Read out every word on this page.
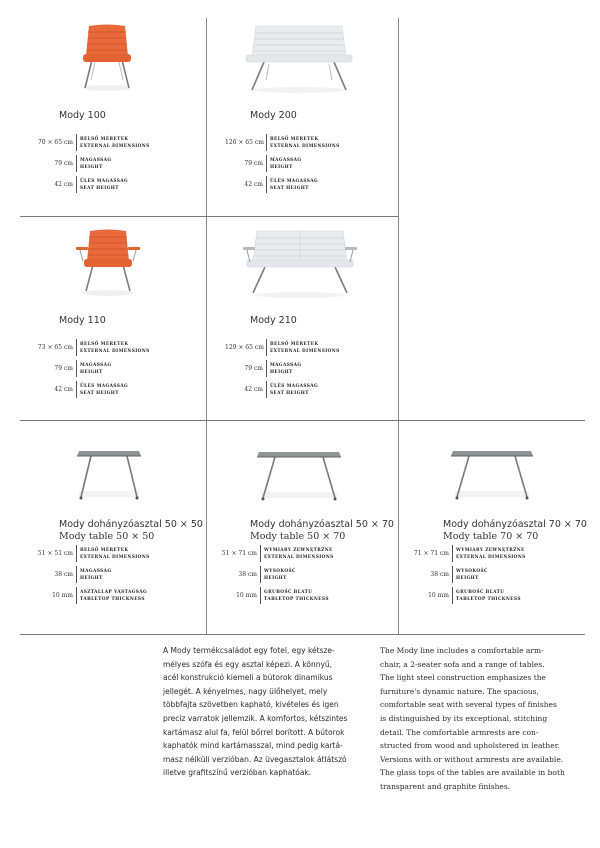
Mody 100
70 × 65 cm	BELSŐ MÉRETEK
EXTERNAL DIMENSIONS
79 cm	MAGASSÁG
HEIGHT
42 cm	ÜLÉS MAGASSÁG
SEAT HEIGHT
Mody 200
126 × 65 cm	BELSŐ MÉRETEK
EXTERNAL DIMENSIONS
79 cm	MAGASSÁG
HEIGHT
42 cm	ÜLÉS MAGASSÁG
SEAT HEIGHT
Mody 110
73 × 65 cm	BELSŐ MÉRETEK
EXTERNAL DIMENSIONS
79 cm	MAGASSÁG
HEIGHT
42 cm	ÜLÉS MAGASSÁG
SEAT HEIGHT
Mody 210
129 × 65 cm	BELSŐ MÉRETEK
EXTERNAL DIMENSIONS
79 cm	MAGASSÁG
HEIGHT
42 cm	ÜLÉS MAGASSÁG
SEAT HEIGHT
Mody dohányzóasztal 50 × 50
Mody table 50 × 50
51 × 51 cm	BELSŐ MÉRETEK
EXTERNAL DIMENSIONS
38 cm	MAGASSÁG
HEIGHT
10 mm	ASZTALLAP VASTAGSÁG
TABLETOP THICKNESS
Mody dohányzóasztal 50 × 70
Mody table 50 × 70
51 × 71 cm	WYMIARY ZEWNĘTRZNE
EXTERNAL DIMENSIONS
38 cm	WYSOKOŚĆ
HEIGHT
10 mm	GRUBOŚĆ BLATU
TABLETOP THICKNESS
Mody dohányzóasztal 70 × 70
Mody table 70 × 70
71 × 71 cm	WYMIARY ZEWNĘTRZNE
EXTERNAL DIMENSIONS
38 cm	WYSOKOŚĆ
HEIGHT
10 mm	GRUBOŚĆ BLATU
TABLETOP THICKNESS
A Mody termékcsaládot egy fotel, egy kétsze-
mélyes szófa és egy asztal képezi. A könnyű,
acél konstrukció kiemeli a bútorok dinamikus
jellegét. A kényelmes, nagy ülőhelyet, mely
többfajta szövetben kapható, kivételes és igen
precíz varratok jellemzik. A komfortos, kétszintes
kartámasz alul fa, felül bőrrel borított. A bútorok
kaphatók mind kartámasszal, mind pedig kartá-
masz nélküli verzióban. Az üvegasztalok átlátszó
illetve grafitszínű verzióban kaphatóak.
The Mody line includes a comfortable arm-
chair, a 2-seater sofa and a range of tables.
The light steel construction emphasizes the
furniture's dynamic nature. The spacious,
comfortable seat with several types of finishes
is distinguished by its exceptional, stitching
detail. The comfortable armrests are con-
structed from wood and upholstered in leather.
Versions with or without armrests are available.
The glass tops of the tables are available in both
transparent and graphite finishes.
